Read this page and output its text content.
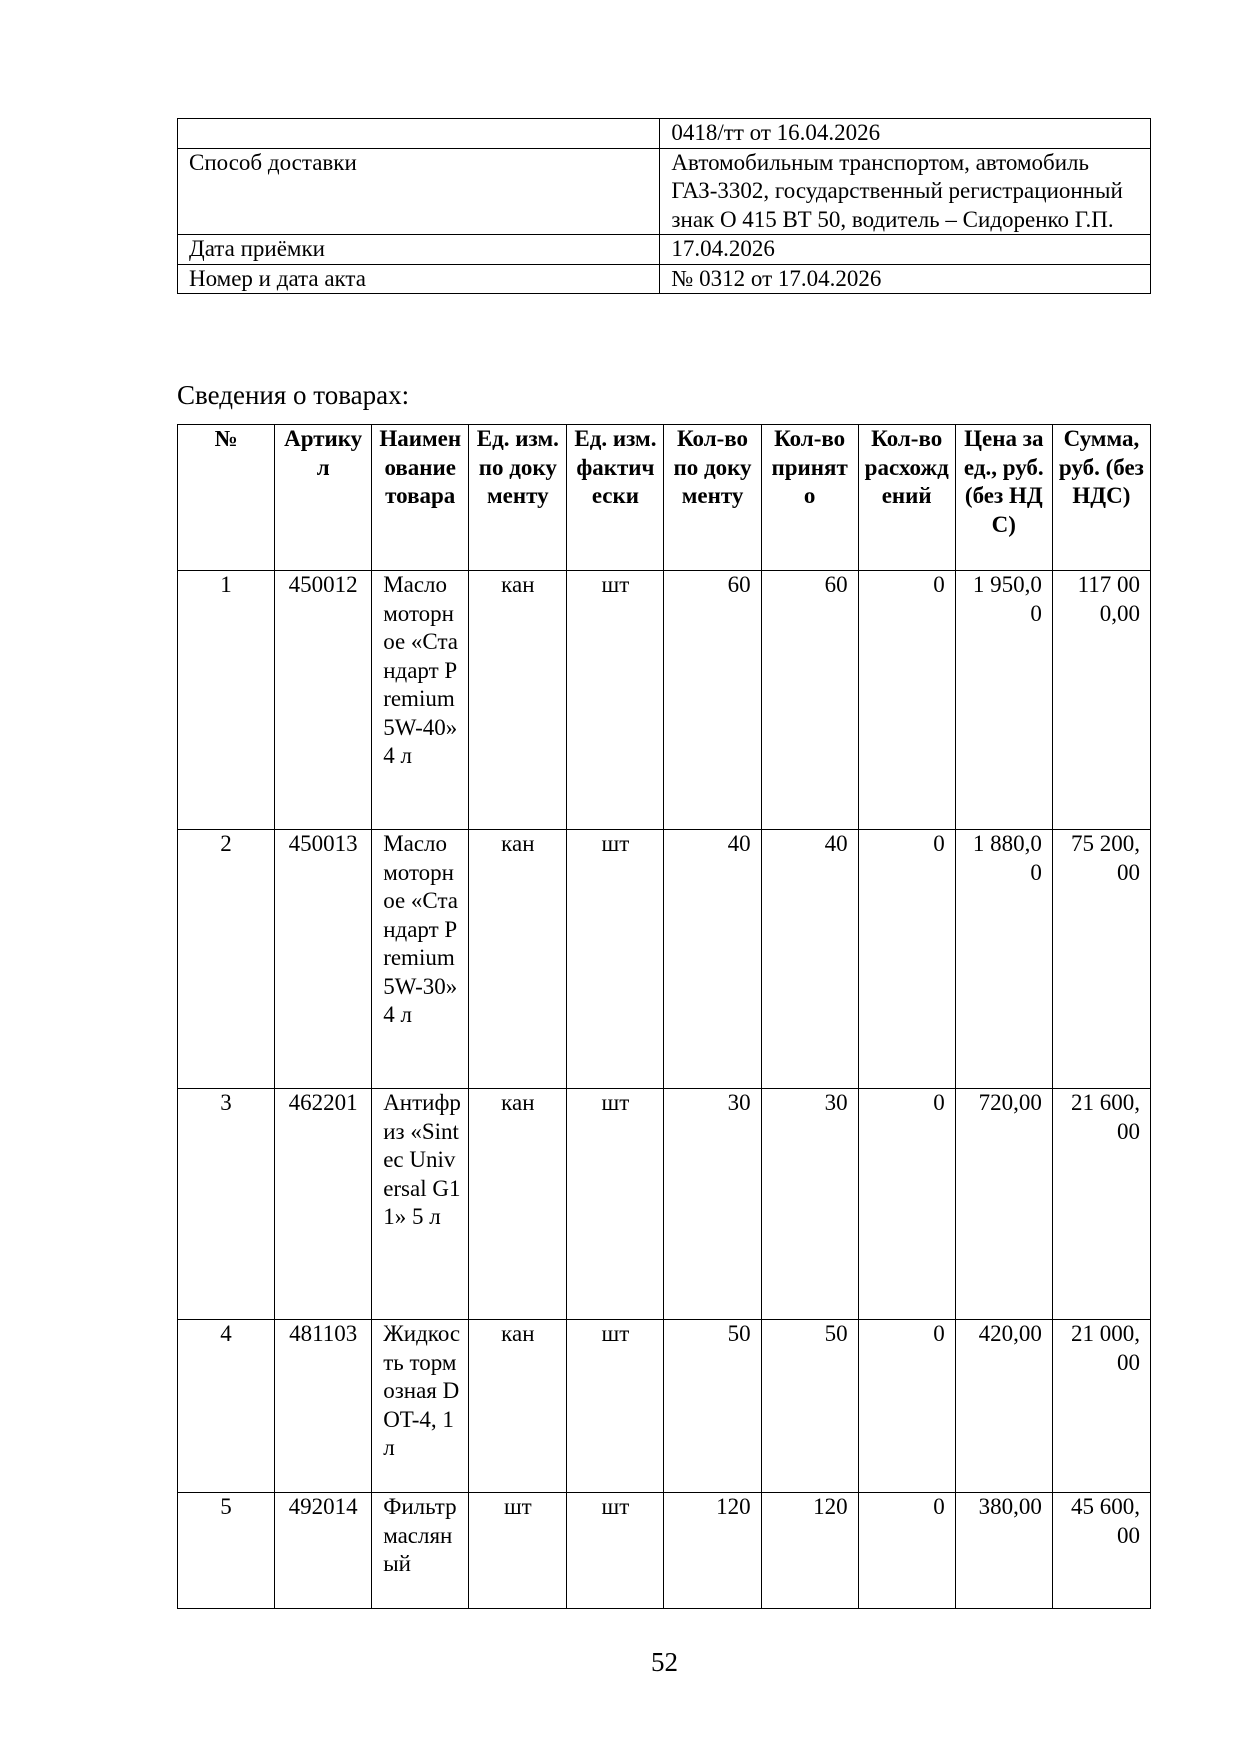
	0418/тт от 16.04.2026
Способ доставки	Автомобильным транспортом, автомобиль ГАЗ-3302, государственный регистрационный знак О 415 ВТ 50, водитель – Сидоренко Г.П.
Дата приёмки	17.04.2026
Номер и дата акта	№ 0312 от 17.04.2026
Сведения о товарах:
№	Артикул	Наименование товара	Ед. изм. по документу	Ед. изм. фактически	Кол-во по документу	Кол-во принято	Кол-во расхождений	Цена за ед., руб. (без НДС)	Сумма, руб. (без НДС)
1	450012	Масло моторное «Стандарт Premium 5W-40» 4 л	кан	шт	60	60	0	1 950,00	117 000,00
2	450013	Масло моторное «Стандарт Premium 5W-30» 4 л	кан	шт	40	40	0	1 880,00	75 200,00
3	462201	Антифриз «Sintec Universal G11» 5 л	кан	шт	30	30	0	720,00	21 600,00
4	481103	Жидкость тормозная DOT-4, 1 л	кан	шт	50	50	0	420,00	21 000,00
5	492014	Фильтр масляный	шт	шт	120	120	0	380,00	45 600,00
52
